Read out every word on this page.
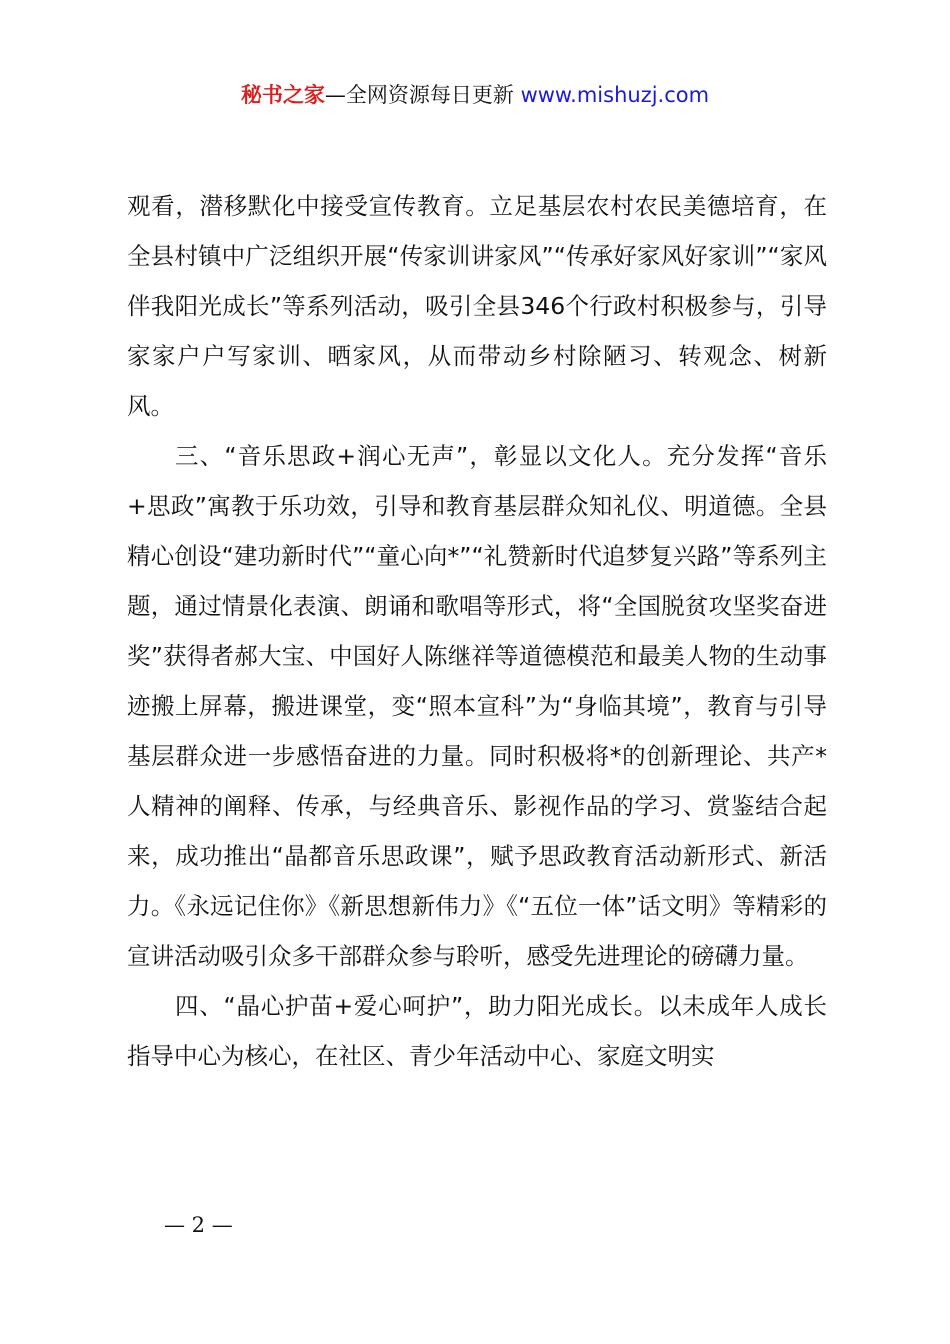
秘书之家—全网资源每日更新 www.mishuzj.com

观看，潜移默化中接受宣传教育。立足基层农村农民美德培育，在全县村镇中广泛组织开展“传家训讲家风”“传承好家风好家训”“家风伴我阳光成长”等系列活动，吸引全县346个行政村积极参与，引导家家户户写家训、晒家风，从而带动乡村除陋习、转观念、树新风。

三、“音乐思政+润心无声”，彰显以文化人。充分发挥“音乐+思政”寓教于乐功效，引导和教育基层群众知礼仪、明道德。全县精心创设“建功新时代”“童心向*”“礼赞新时代追梦复兴路”等系列主题，通过情景化表演、朗诵和歌唱等形式，将“全国脱贫攻坚奖奋进奖”获得者郝大宝、中国好人陈继祥等道德模范和最美人物的生动事迹搬上屏幕，搬进课堂，变“照本宣科”为“身临其境”，教育与引导基层群众进一步感悟奋进的力量。同时积极将*的创新理论、共产*人精神的阐释、传承，与经典音乐、影视作品的学习、赏鉴结合起来，成功推出“晶都音乐思政课”，赋予思政教育活动新形式、新活力。《永远记住你》《新思想新伟力》《“五位一体”话文明》等精彩的宣讲活动吸引众多干部群众参与聆听，感受先进理论的磅礴力量。

四、“晶心护苗+爱心呵护”，助力阳光成长。以未成年人成长指导中心为核心，在社区、青少年活动中心、家庭文明实

— 2 —
